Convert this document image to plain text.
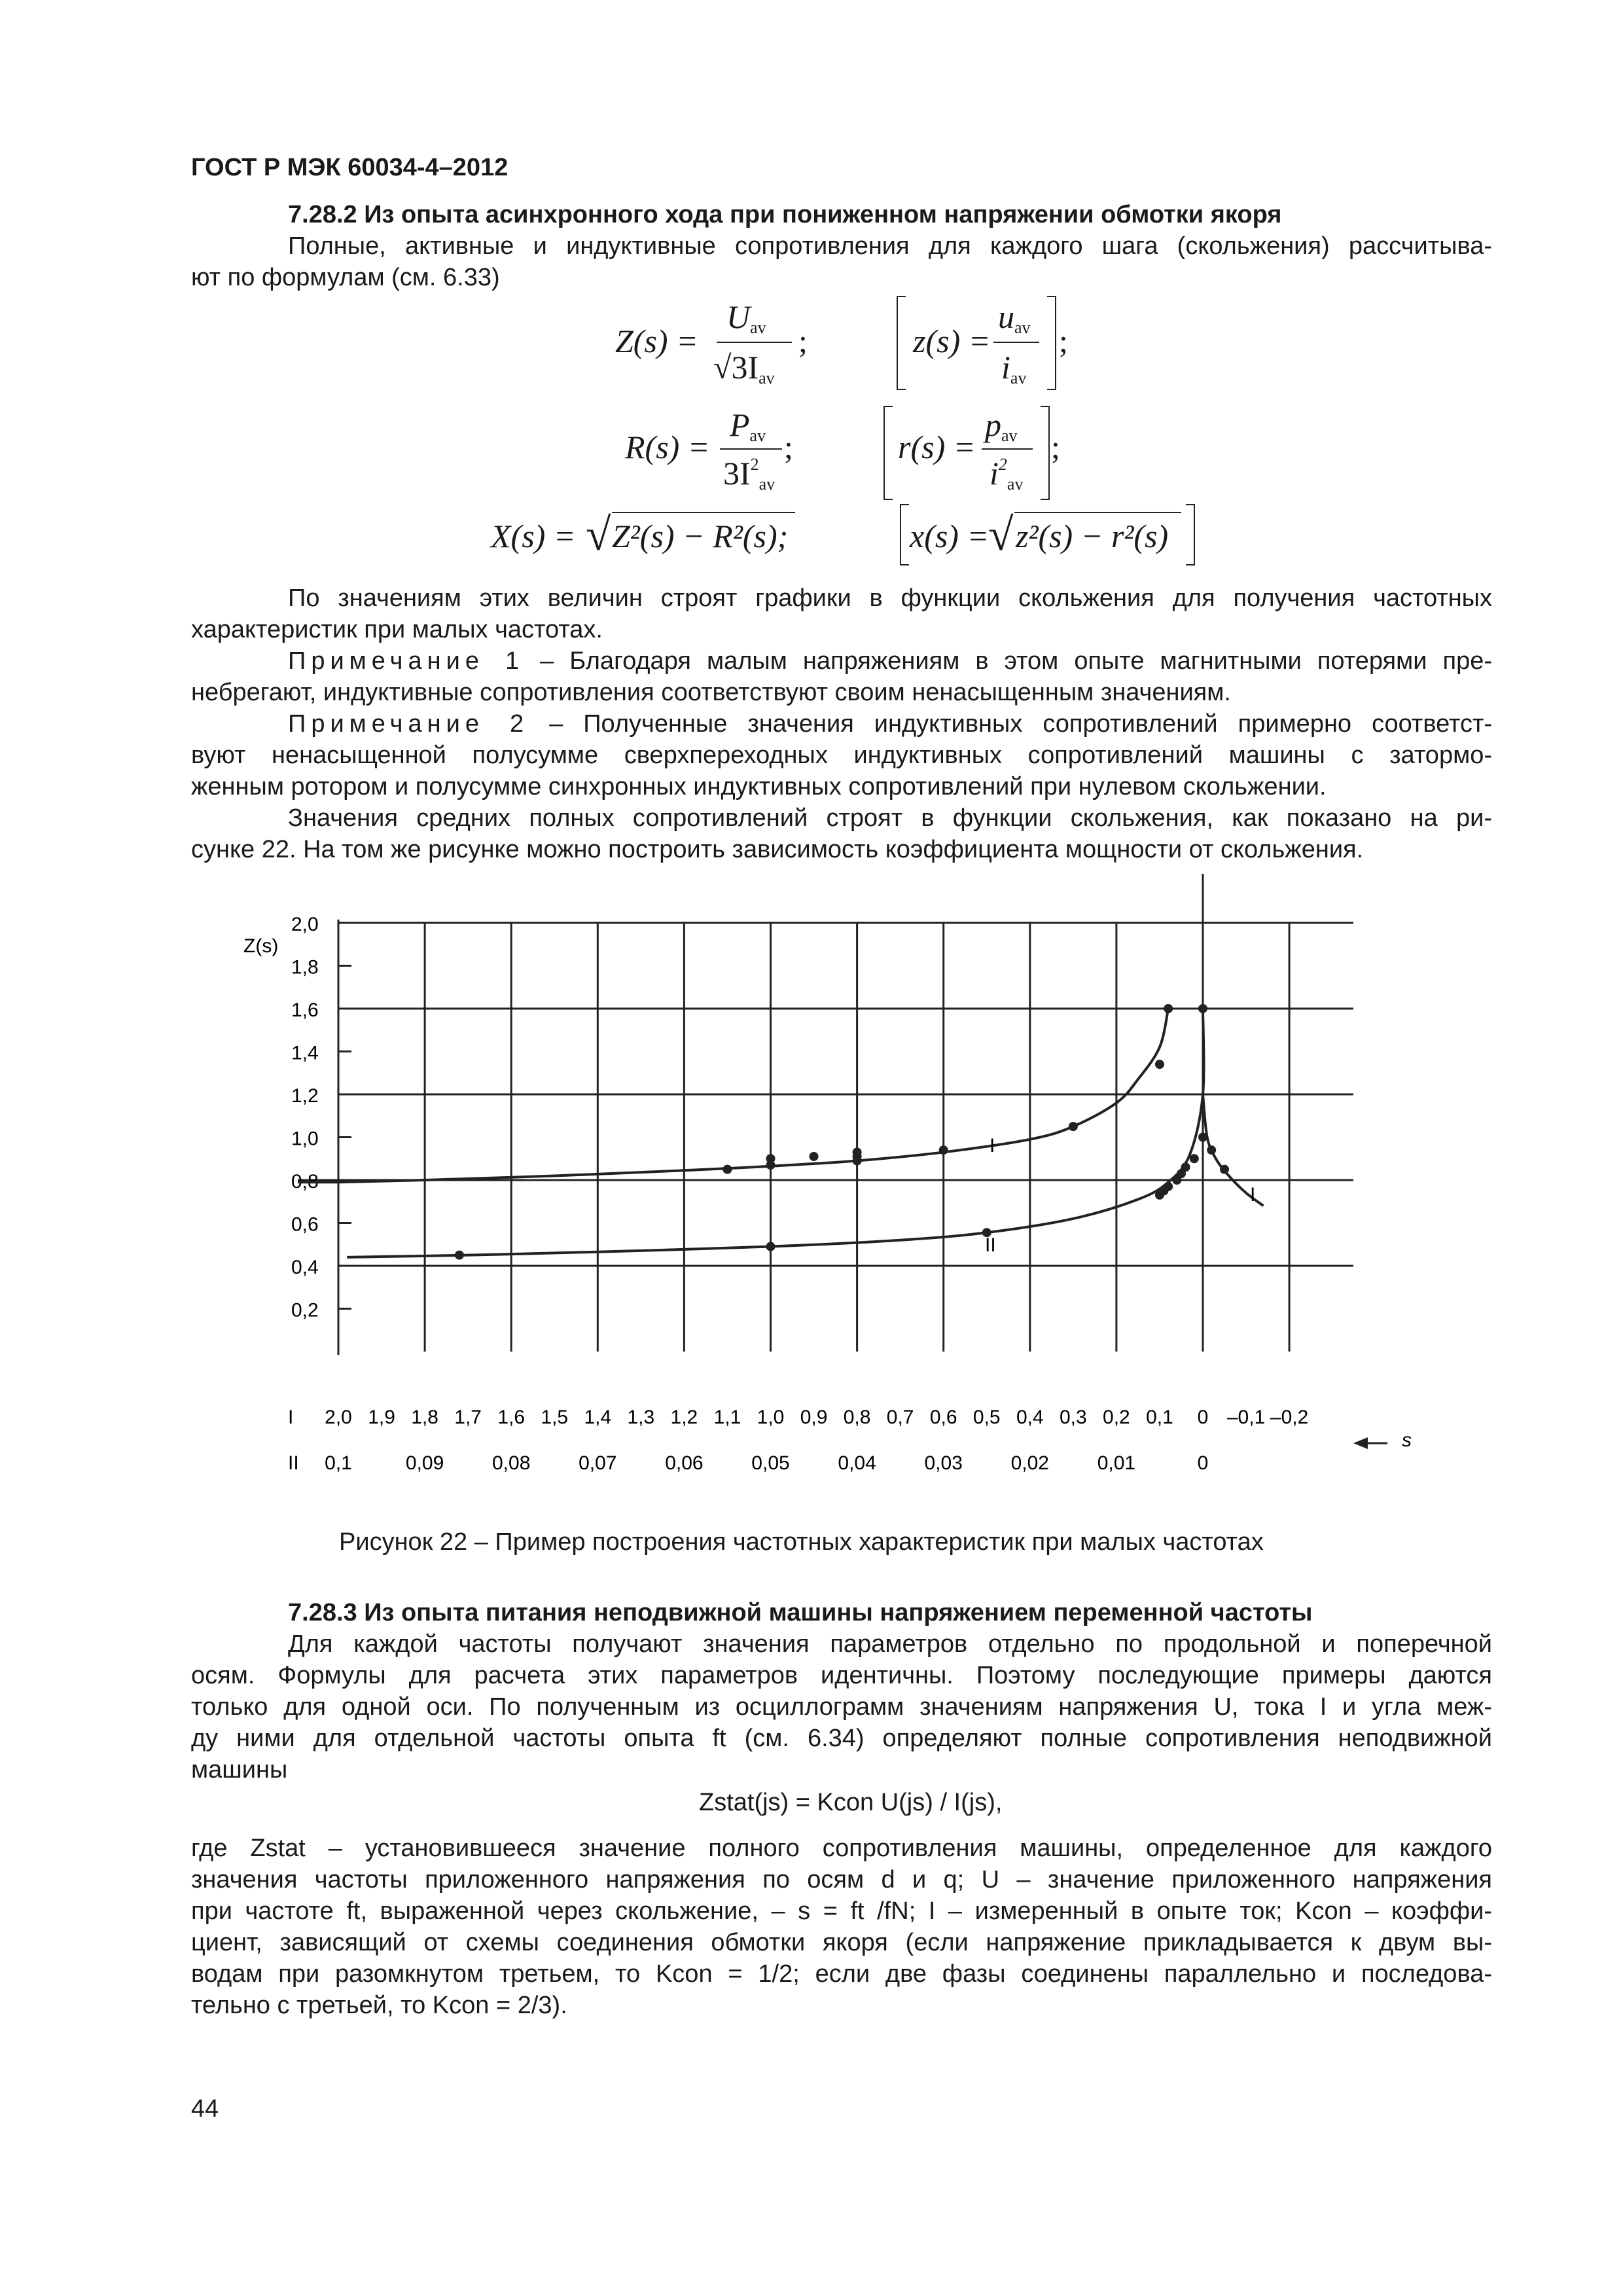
ГОСТ Р МЭК 60034-4–2012
7.28.2 Из опыта асинхронного хода при пониженном напряжении обмотки якоря
Полные, активные и индуктивные сопротивления для каждого шага (скольжения) рассчитыва-
ют по формулам (см. 6.33)
Z(s) =
$U_{av}$
$√3I_{av}$
;	z(s) =
$u_{av}$
$i_{av}$
;
R(s) =
$P_{av}$
$3I^2_{av}$
;	r(s) =
$p_{av}$
$i^2_{av}$
;
X(s) = √ Z²(s) − R²(s);	x(s) =
√ z²(s) − r²(s)
По значениям этих величин строят графики в функции скольжения для получения частотных
характеристик при малых частотах.
Примечание 1 – Благодаря малым напряжениям в этом опыте магнитными потерями пре-
небрегают, индуктивные сопротивления соответствуют своим ненасыщенным значениям.
Примечание 2 – Полученные значения индуктивных сопротивлений примерно соответст-
вуют ненасыщенной полусумме сверхпереходных индуктивных сопротивлений машины с затормо-
женным ротором и полусумме синхронных индуктивных сопротивлений при нулевом скольжении.
Значения средних полных сопротивлений строят в функции скольжения, как показано на ри-
сунке 22. На том же рисунке можно построить зависимость коэффициента мощности от скольжения.
0,2
0,4
0,6
0,8
1,0
1,2
1,4
1,6
1,8
2,0
2,0 1,9 1,8 1,7 1,6 1,5 1,4 1,3 1,2 1,1 1,0 0,9 0,8 0,7 0,6 0,5 0,4 0,3 0,2 0,1 0 –0,1 –0,2
0,1	0,09 0,08 0,07 0,06 0,05 0,04 0,03 0,02 0,01	0
Z(s)
I
II
s
I
II
I
Рисунок 22 – Пример построения частотных характеристик при малых частотах
7.28.3 Из опыта питания неподвижной машины напряжением переменной частоты
Для каждой частоты получают значения параметров отдельно по продольной и поперечной
осям. Формулы для расчета этих параметров идентичны. Поэтому последующие примеры даются
только для одной оси. По полученным из осциллограмм значениям напряжения U, тока I и угла меж-
ду ними для отдельной частоты опыта ft (см. 6.34) определяют полные сопротивления неподвижной
машины
Zstat(js) = Kcon U(js) / I(js),
где Zstat – установившееся значение полного сопротивления машины, определенное для каждого
значения частоты приложенного напряжения по осям d и q; U – значение приложенного напряжения
при частоте ft, выраженной через скольжение, – s = ft /fN; I – измеренный в опыте ток; Kcon – коэффи-
циент, зависящий от схемы соединения обмотки якоря (если напряжение прикладывается к двум вы-
водам при разомкнутом третьем, то Kcon = 1/2; если две фазы соединены параллельно и последова-
тельно с третьей, то Kcon = 2/3).
44
